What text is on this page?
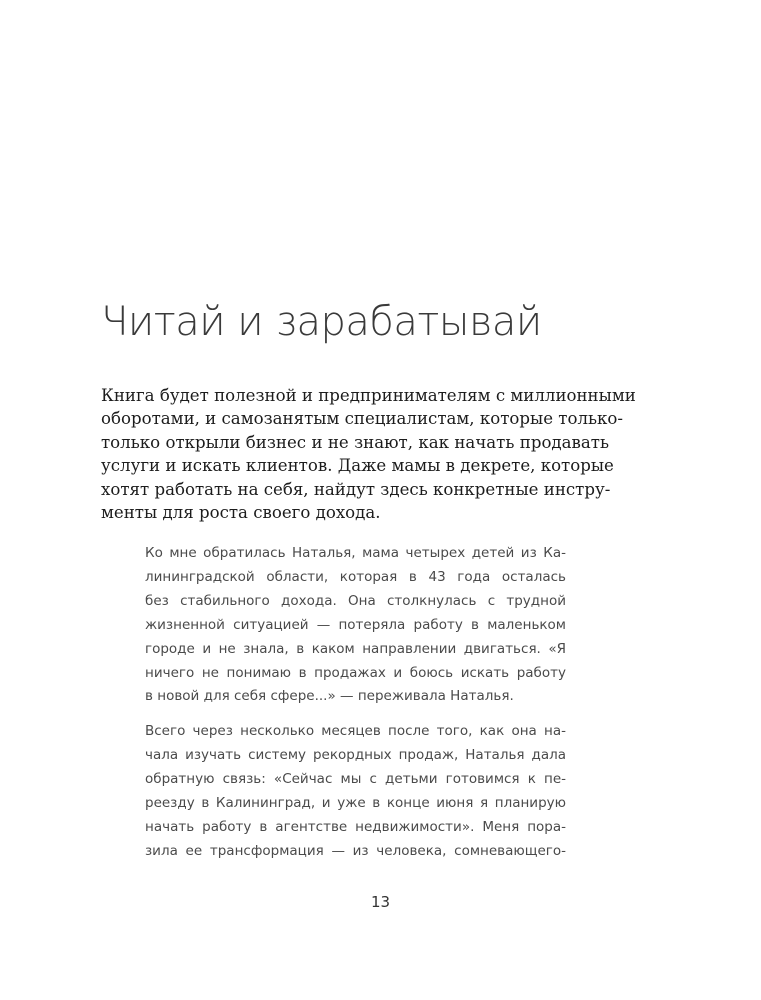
Читай и зарабатывай

Книга будет полезной и предпринимателям с миллионными
оборотами, и самозанятым специалистам, которые только-
только открыли бизнес и не знают, как начать продавать
услуги и искать клиентов. Даже мамы в декрете, которые
хотят работать на себя, найдут здесь конкретные инстру-
менты для роста своего дохода.

Ко мне обратилась Наталья, мама четырех детей из Ка-
лининградской области, которая в 43 года осталась
без стабильного дохода. Она столкнулась с трудной
жизненной ситуацией — потеряла работу в маленьком
городе и не знала, в каком направлении двигаться. «Я
ничего не понимаю в продажах и боюсь искать работу
в новой для себя сфере...» — переживала Наталья.

Всего через несколько месяцев после того, как она на-
чала изучать систему рекордных продаж, Наталья дала
обратную связь: «Сейчас мы с детьми готовимся к пе-
реезду в Калининград, и уже в конце июня я планирую
начать работу в агентстве недвижимости». Меня пора-
зила ее трансформация — из человека, сомневающего-

13
